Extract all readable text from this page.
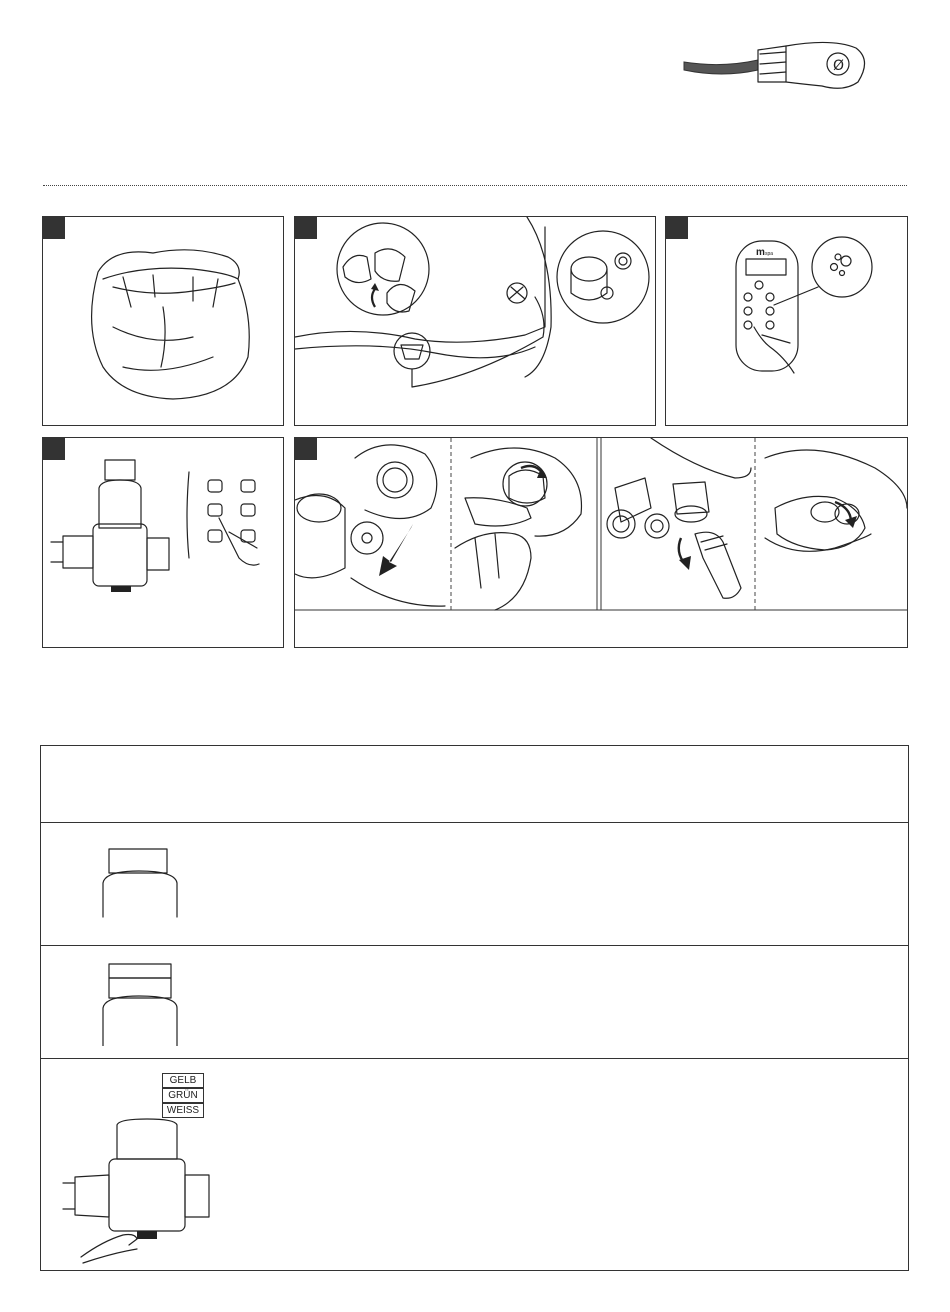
Ø
m spa
GELB
GRÜN
WEISS
